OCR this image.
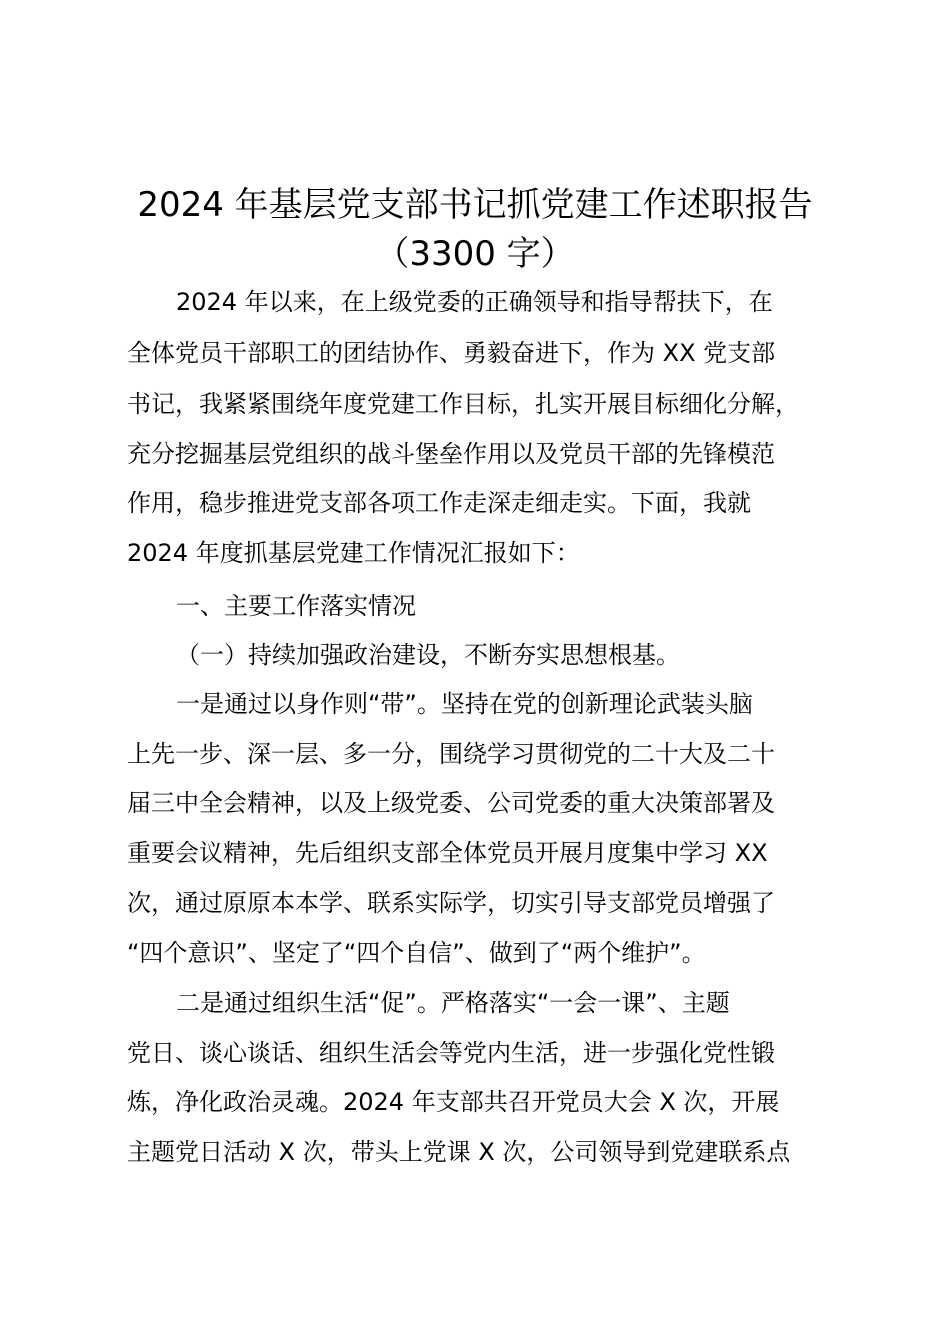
2024 年基层党支部书记抓党建工作述职报告
（3300 字）

2024 年以来，在上级党委的正确领导和指导帮扶下，在

全体党员干部职工的团结协作、勇毅奋进下，作为 XX 党支部

书记，我紧紧围绕年度党建工作目标，扎实开展目标细化分解，

充分挖掘基层党组织的战斗堡垒作用以及党员干部的先锋模范

作用，稳步推进党支部各项工作走深走细走实。下面，我就

2024 年度抓基层党建工作情况汇报如下：

一、主要工作落实情况

（一）持续加强政治建设，不断夯实思想根基。

一是通过以身作则“带”。坚持在党的创新理论武装头脑

上先一步、深一层、多一分，围绕学习贯彻党的二十大及二十

届三中全会精神，以及上级党委、公司党委的重大决策部署及

重要会议精神，先后组织支部全体党员开展月度集中学习 XX

次，通过原原本本学、联系实际学，切实引导支部党员增强了

“四个意识”、坚定了“四个自信”、做到了“两个维护”。

二是通过组织生活“促”。严格落实“一会一课”、主题

党日、谈心谈话、组织生活会等党内生活，进一步强化党性锻

炼，净化政治灵魂。2024 年支部共召开党员大会 X 次，开展

主题党日活动 X 次，带头上党课 X 次，公司领导到党建联系点
